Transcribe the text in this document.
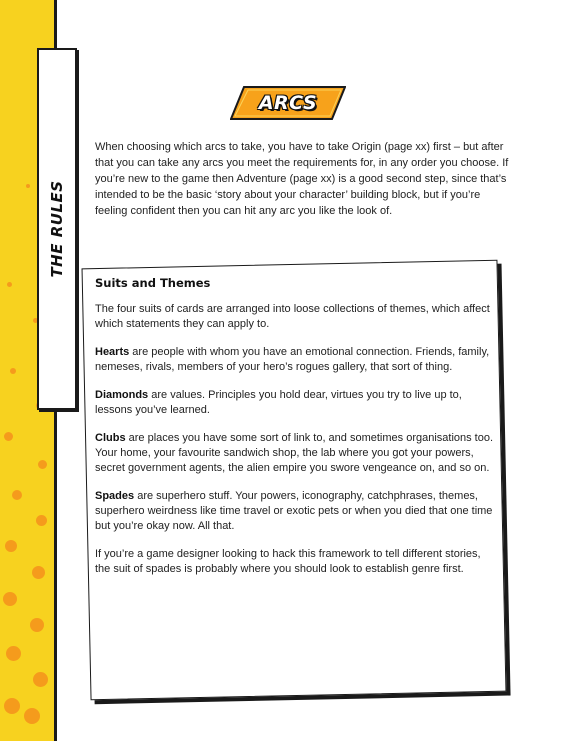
THE RULES
ARCS

When choosing which arcs to take, you have to take Origin (page xx) first – but after that you can take any arcs you meet the requirements for, in any order you choose. If you’re new to the game then Adventure (page xx) is a good second step, since that’s intended to be the basic ‘story about your character’ building block, but if you’re feeling confident then you can hit any arc you like the look of.

Suits and Themes
The four suits of cards are arranged into loose collections of themes, which affect which statements they can apply to.
Hearts are people with whom you have an emotional connection. Friends, family, nemeses, rivals, members of your hero’s rogues gallery, that sort of thing.
Diamonds are values. Principles you hold dear, virtues you try to live up to, lessons you’ve learned.
Clubs are places you have some sort of link to, and sometimes organisations too. Your home, your favourite sandwich shop, the lab where you got your powers, secret government agents, the alien empire you swore vengeance on, and so on.
Spades are superhero stuff. Your powers, iconography, catchphrases, themes, superhero weirdness like time travel or exotic pets or when you died that one time but you’re okay now. All that.
If you’re a game designer looking to hack this framework to tell different stories, the suit of spades is probably where you should look to establish genre first.
